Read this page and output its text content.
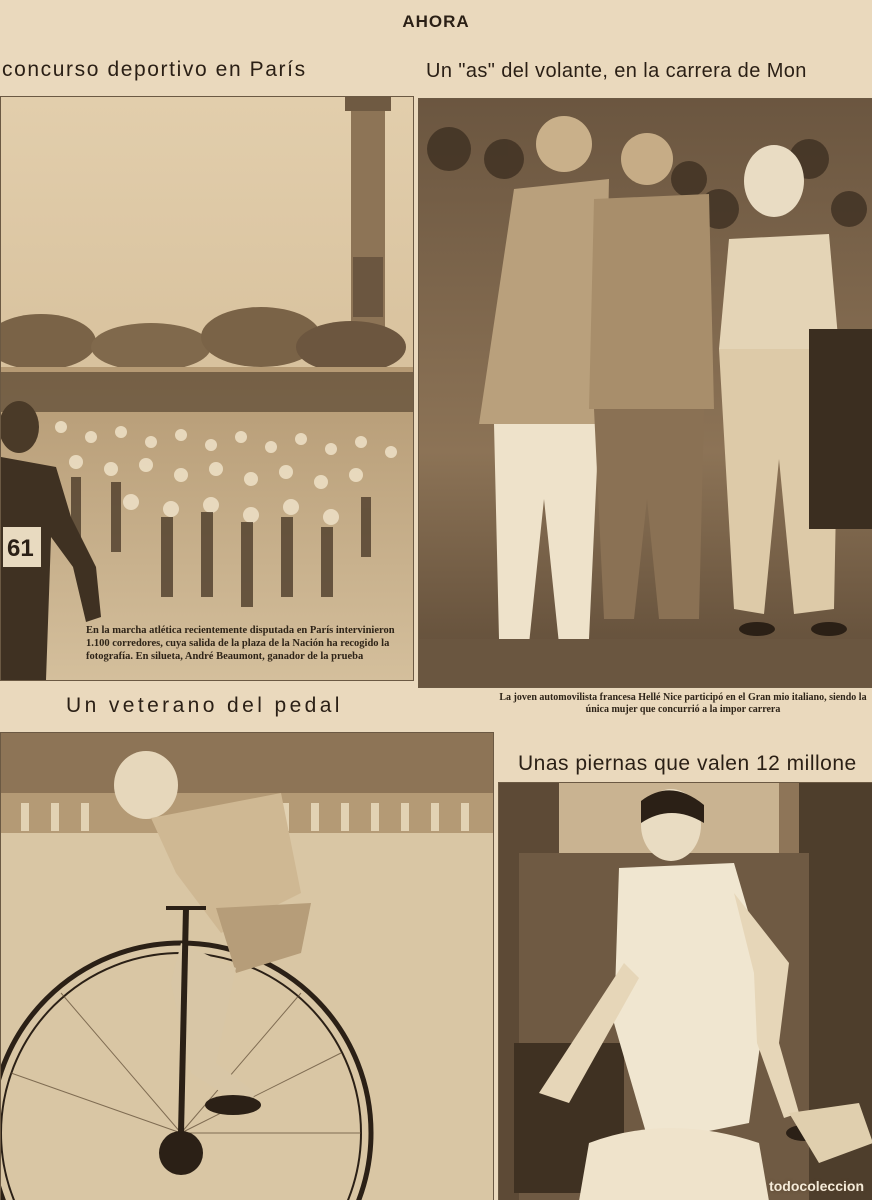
AHORA
concurso deportivo en París	Un "as" del volante, en la carrera de Mon
61
En la marcha atlética recientemente disputada en París intervinieron 1.100 corredores, cuya salida de la plaza de la Nación ha recogido la fotografía. En silueta, André Beaumont, ganador de la prueba
La joven automovilista francesa Hellé Nice participó en el Gran mio italiano, siendo la única mujer que concurrió a la impor carrera
Un veterano del pedal
Unas piernas que valen 12 millone
todocoleccion
